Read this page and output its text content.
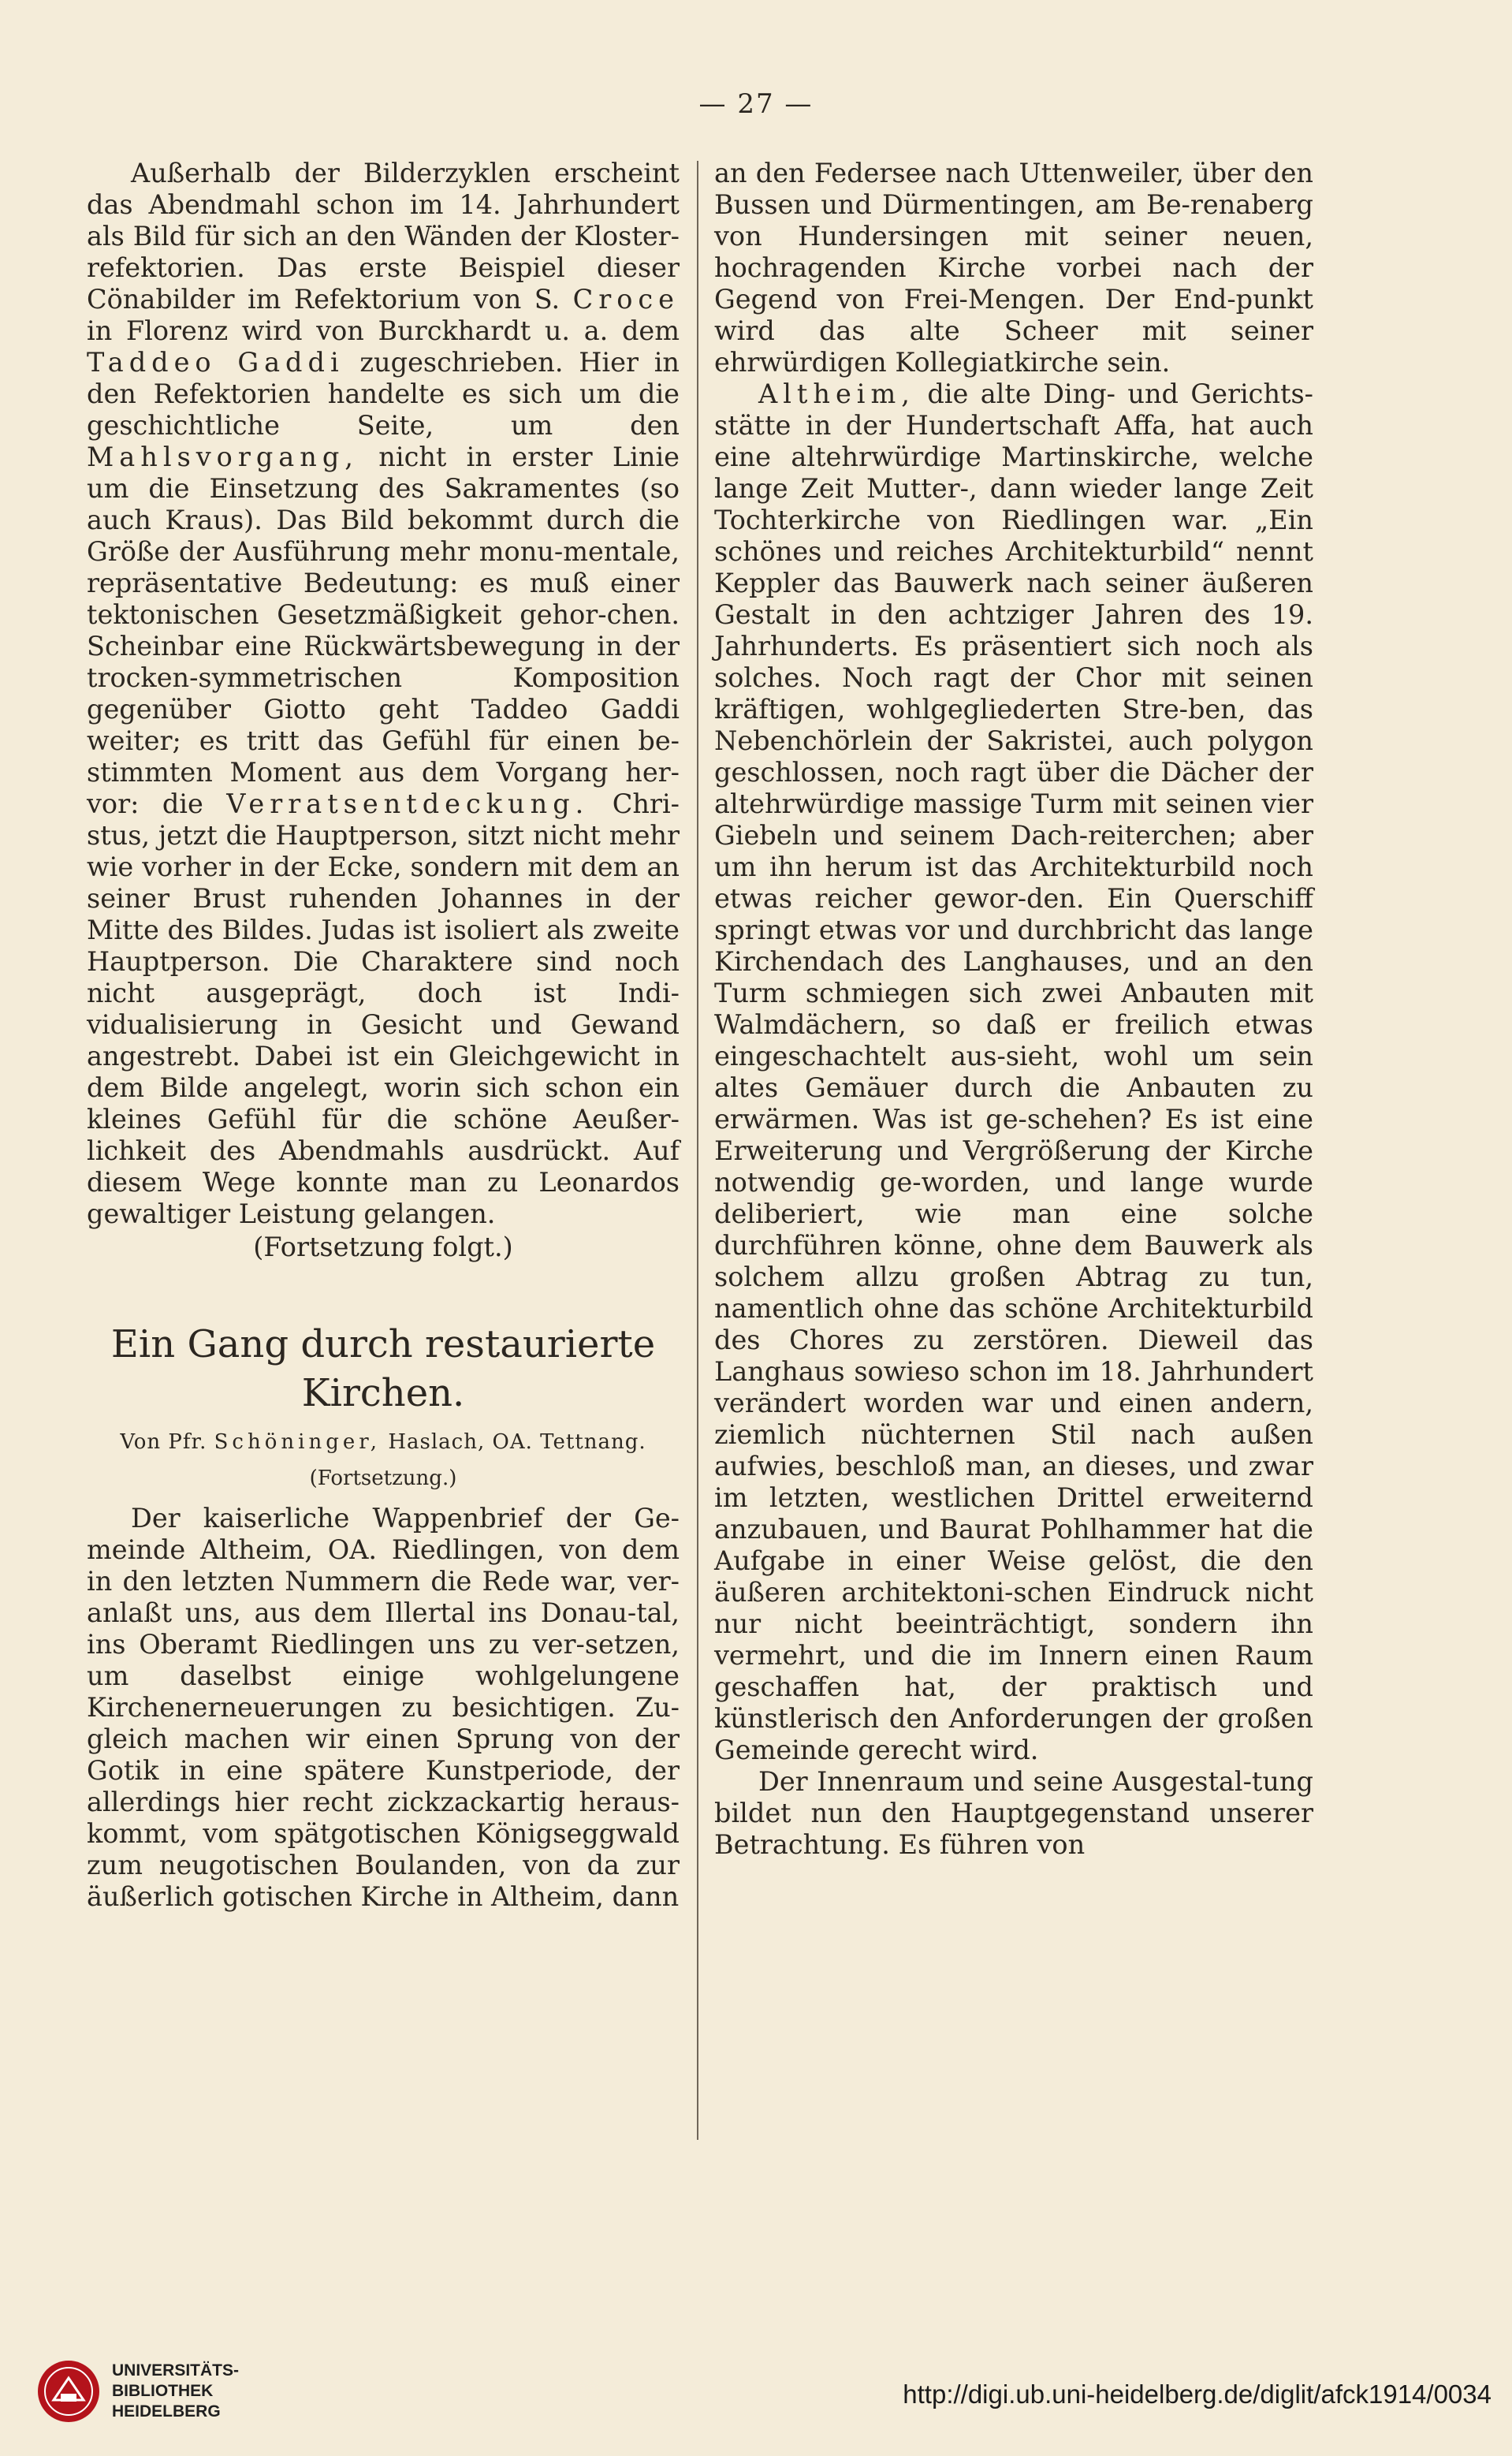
— 27 —

Außerhalb der Bilderzyklen erscheint das Abendmahl schon im 14. Jahrhundert als Bild für sich an den Wänden der Kloster-refektorien. Das erste Beispiel dieser Cönabilder im Refektorium von S. Croce in Florenz wird von Burckhardt u. a. dem Taddeo Gaddi zugeschrieben. Hier in den Refektorien handelte es sich um die geschichtliche Seite, um den Mahlsvorgang, nicht in erster Linie um die Einsetzung des Sakramentes (so auch Kraus). Das Bild bekommt durch die Größe der Ausführung mehr monu-mentale, repräsentative Bedeutung: es muß einer tektonischen Gesetzmäßigkeit gehor-chen. Scheinbar eine Rückwärtsbewegung in der trocken-symmetrischen Komposition gegenüber Giotto geht Taddeo Gaddi weiter; es tritt das Gefühl für einen be-stimmten Moment aus dem Vorgang her-vor: die Verratsentdeckung. Chri-stus, jetzt die Hauptperson, sitzt nicht mehr wie vorher in der Ecke, sondern mit dem an seiner Brust ruhenden Johannes in der Mitte des Bildes. Judas ist isoliert als zweite Hauptperson. Die Charaktere sind noch nicht ausgeprägt, doch ist Indi-vidualisierung in Gesicht und Gewand angestrebt. Dabei ist ein Gleichgewicht in dem Bilde angelegt, worin sich schon ein kleines Gefühl für die schöne Aeußer-lichkeit des Abendmahls ausdrückt. Auf diesem Wege konnte man zu Leonardos gewaltiger Leistung gelangen.

(Fortsetzung folgt.)

Ein Gang durch restaurierte
Kirchen.
Von Pfr. Schöninger, Haslach, OA. Tettnang.
(Fortsetzung.)

Der kaiserliche Wappenbrief der Ge-meinde Altheim, OA. Riedlingen, von dem in den letzten Nummern die Rede war, ver-anlaßt uns, aus dem Illertal ins Donau-tal, ins Oberamt Riedlingen uns zu ver-setzen, um daselbst einige wohlgelungene Kirchenerneuerungen zu besichtigen. Zu-gleich machen wir einen Sprung von der Gotik in eine spätere Kunstperiode, der allerdings hier recht zickzackartig heraus-kommt, vom spätgotischen Königseggwald zum neugotischen Boulanden, von da zur äußerlich gotischen Kirche in Altheim, dann

an den Federsee nach Uttenweiler, über den Bussen und Dürmentingen, am Be-renaberg von Hundersingen mit seiner neuen, hochragenden Kirche vorbei nach der Gegend von Frei-Mengen. Der End-punkt wird das alte Scheer mit seiner ehrwürdigen Kollegiatkirche sein.

Altheim, die alte Ding- und Gerichts-stätte in der Hundertschaft Affa, hat auch eine altehrwürdige Martinskirche, welche lange Zeit Mutter-, dann wieder lange Zeit Tochterkirche von Riedlingen war. „Ein schönes und reiches Architekturbild“ nennt Keppler das Bauwerk nach seiner äußeren Gestalt in den achtziger Jahren des 19. Jahrhunderts. Es präsentiert sich noch als solches. Noch ragt der Chor mit seinen kräftigen, wohlgegliederten Stre-ben, das Nebenchörlein der Sakristei, auch polygon geschlossen, noch ragt über die Dächer der altehrwürdige massige Turm mit seinen vier Giebeln und seinem Dach-reiterchen; aber um ihn herum ist das Architekturbild noch etwas reicher gewor-den. Ein Querschiff springt etwas vor und durchbricht das lange Kirchendach des Langhauses, und an den Turm schmiegen sich zwei Anbauten mit Walmdächern, so daß er freilich etwas eingeschachtelt aus-sieht, wohl um sein altes Gemäuer durch die Anbauten zu erwärmen. Was ist ge-schehen? Es ist eine Erweiterung und Vergrößerung der Kirche notwendig ge-worden, und lange wurde deliberiert, wie man eine solche durchführen könne, ohne dem Bauwerk als solchem allzu großen Abtrag zu tun, namentlich ohne das schöne Architekturbild des Chores zu zerstören. Dieweil das Langhaus sowieso schon im 18. Jahrhundert verändert worden war und einen andern, ziemlich nüchternen Stil nach außen aufwies, beschloß man, an dieses, und zwar im letzten, westlichen Drittel erweiternd anzubauen, und Baurat Pohlhammer hat die Aufgabe in einer Weise gelöst, die den äußeren architektoni-schen Eindruck nicht nur nicht beeinträchtigt, sondern ihn vermehrt, und die im Innern einen Raum geschaffen hat, der praktisch und künstlerisch den Anforderungen der großen Gemeinde gerecht wird.

Der Innenraum und seine Ausgestal-tung bildet nun den Hauptgegenstand unserer Betrachtung. Es führen von

UNIVERSITÄTS-
BIBLIOTHEK
HEIDELBERG
http://digi.ub.uni-heidelberg.de/diglit/afck1914/0034
